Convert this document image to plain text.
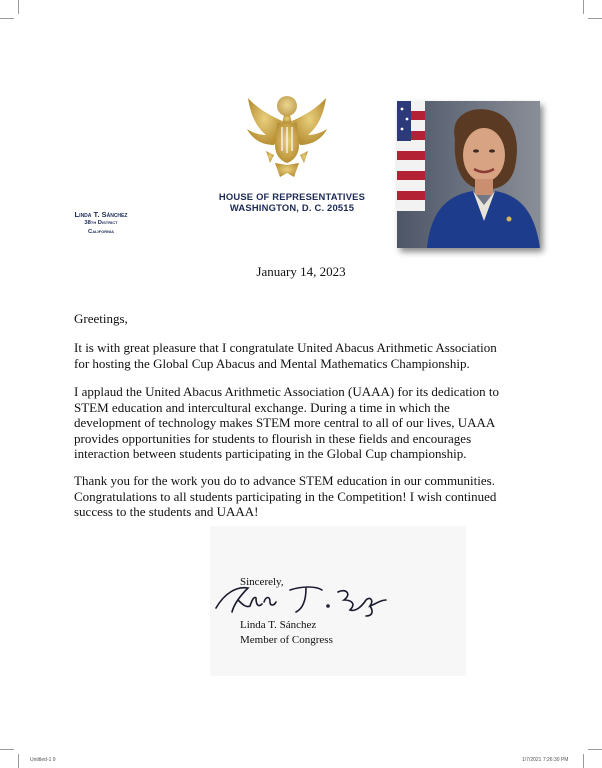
HOUSE OF REPRESENTATIVES
WASHINGTON, D. C. 20515
Linda T. Sánchez
38th District
California
January 14, 2023
Greetings,
It is with great pleasure that I congratulate United Abacus Arithmetic Association
for hosting the Global Cup Abacus and Mental Mathematics Championship.
I applaud the United Abacus Arithmetic Association (UAAA) for its dedication to
STEM education and intercultural exchange. During a time in which the
development of technology makes STEM more central to all of our lives, UAAA
provides opportunities for students to flourish in these fields and encourages
interaction between students participating in the Global Cup championship.
Thank you for the work you do to advance STEM education in our communities.
Congratulations to all students participating in the Competition! I wish continued
success to the students and UAAA!
Sincerely,
Linda T. Sánchez
Member of Congress
Untitled-1 9	1/7/2021 7:26:30 PM
